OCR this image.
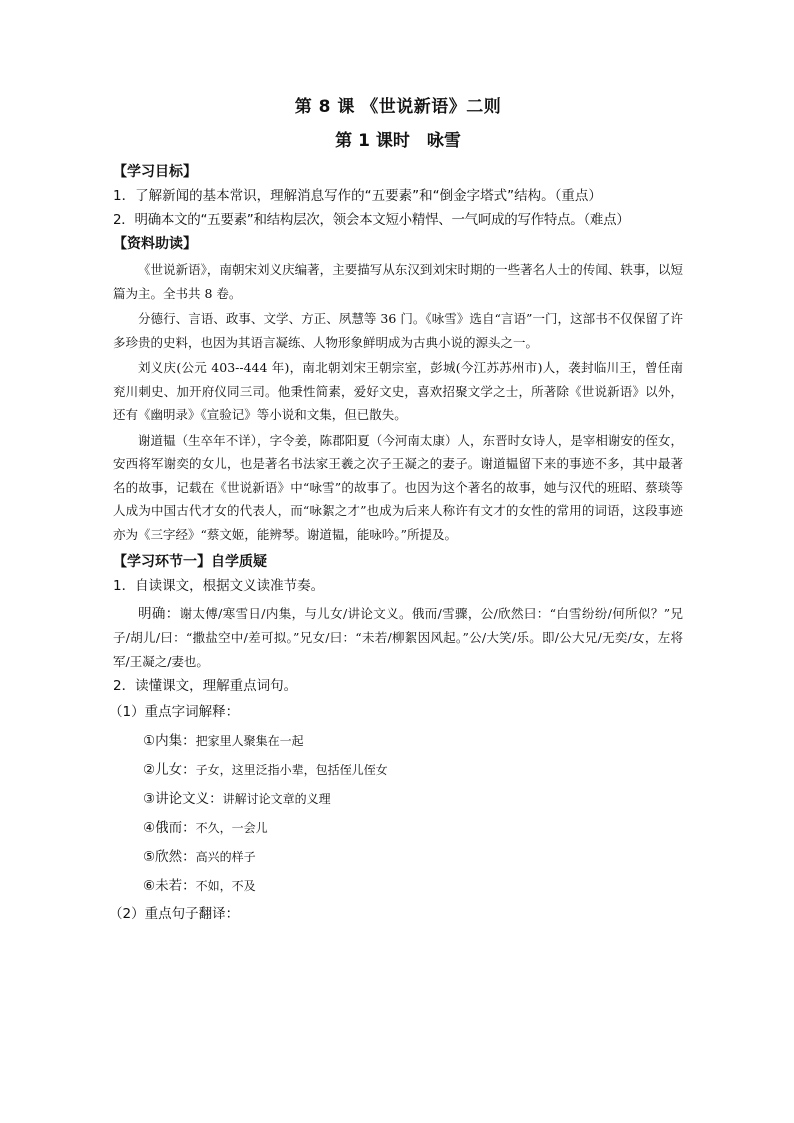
第 8 课 《世说新语》二则
第 1 课时　咏雪
【学习目标】

1．了解新闻的基本常识，理解消息写作的“五要素”和“倒金字塔式”结构。（重点）

2．明确本文的“五要素”和结构层次，领会本文短小精悍、一气呵成的写作特点。（难点）

【资料助读】

《世说新语》，南朝宋刘义庆编著，主要描写从东汉到刘宋时期的一些著名人士的传闻、轶事，以短篇为主。全书共 8 卷。

分德行、言语、政事、文学、方正、夙慧等 36 门。《咏雪》选自“言语”一门，这部书不仅保留了许多珍贵的史料，也因为其语言凝练、人物形象鲜明成为古典小说的源头之一。

刘义庆(公元 403--444 年)，南北朝刘宋王朝宗室，彭城(今江苏苏州市)人，袭封临川王，曾任南兖川刺史、加开府仪同三司。他秉性简素，爱好文史，喜欢招聚文学之士，所著除《世说新语》以外，还有《幽明录》《宣验记》等小说和文集，但已散失。

谢道韫（生卒年不详），字令姜，陈郡阳夏（今河南太康）人，东晋时女诗人，是宰相谢安的侄女，安西将军谢奕的女儿，也是著名书法家王羲之次子王凝之的妻子。谢道韫留下来的事迹不多，其中最著名的故事，记载在《世说新语》中“咏雪”的故事了。也因为这个著名的故事，她与汉代的班昭、蔡琰等人成为中国古代才女的代表人，而“咏絮之才”也成为后来人称许有文才的女性的常用的词语，这段事迹亦为《三字经》“蔡文姬，能辨琴。谢道韫，能咏吟。”所提及。

【学习环节一】自学质疑

1．自读课文，根据文义读准节奏。

明确：谢太傅/寒雪日/内集，与儿女/讲论文义。俄而/雪骤，公/欣然曰：“白雪纷纷/何所似？”兄子/胡儿/曰：“撒盐空中/差可拟。”兄女/曰：“未若/柳絮因风起。”公/大笑/乐。即/公大兄/无奕/女，左将军/王凝之/妻也。

2．读懂课文，理解重点词句。

（1）重点字词解释：

①内集：把家里人聚集在一起

②儿女：子女，这里泛指小辈，包括侄儿侄女

③讲论文义：讲解讨论文章的义理

④俄而：不久，一会儿

⑤欣然：高兴的样子

⑥未若：不如，不及

（2）重点句子翻译：
